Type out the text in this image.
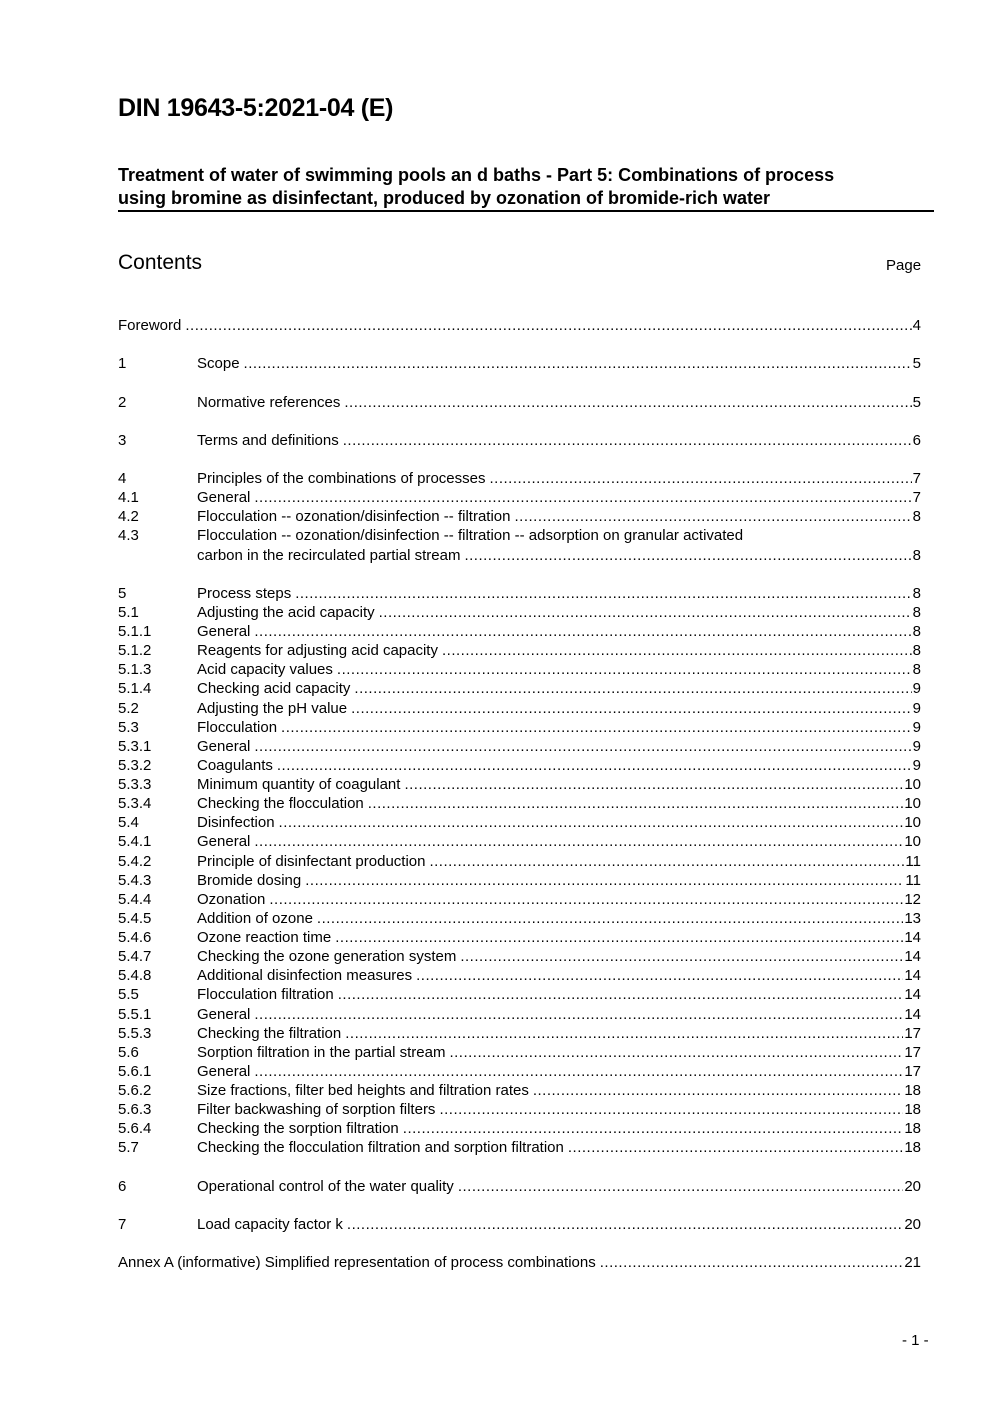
DIN 19643-5:2021-04 (E)
Treatment of water of swimming pools an d baths - Part 5: Combinations of process
using bromine as disinfectant, produced by ozonation of bromide-rich water
Contents	Page
Foreword .....	4
1	Scope .....	5
2	Normative references .....	5
3	Terms and definitions .....	6
4	Principles of the combinations of processes .....	7
4.1	General .....	7
4.2	Flocculation -- ozonation/disinfection -- filtration .....	8
4.3	Flocculation -- ozonation/disinfection -- filtration -- adsorption on granular activated
carbon in the recirculated partial stream .....	8
5	Process steps .....	8
5.1	Adjusting the acid capacity .....	8
5.1.1	General .....	8
5.1.2	Reagents for adjusting acid capacity .....	8
5.1.3	Acid capacity values .....	8
5.1.4	Checking acid capacity .....	9
5.2	Adjusting the pH value .....	9
5.3	Flocculation .....	9
5.3.1	General .....	9
5.3.2	Coagulants .....	9
5.3.3	Minimum quantity of coagulant .....	10
5.3.4	Checking the flocculation .....	10
5.4	Disinfection .....	10
5.4.1	General .....	10
5.4.2	Principle of disinfectant production .....	11
5.4.3	Bromide dosing .....	11
5.4.4	Ozonation .....	12
5.4.5	Addition of ozone .....	13
5.4.6	Ozone reaction time .....	14
5.4.7	Checking the ozone generation system .....	14
5.4.8	Additional disinfection measures .....	14
5.5	Flocculation filtration .....	14
5.5.1	General .....	14
5.5.3	Checking the filtration .....	17
5.6	Sorption filtration in the partial stream .....	17
5.6.1	General .....	17
5.6.2	Size fractions, filter bed heights and filtration rates .....	18
5.6.3	Filter backwashing of sorption filters .....	18
5.6.4	Checking the sorption filtration .....	18
5.7	Checking the flocculation filtration and sorption filtration .....	18
6	Operational control of the water quality .....	20
7	Load capacity factor k .....	20
Annex A (informative) Simplified representation of process combinations .....	21
- 1 -
